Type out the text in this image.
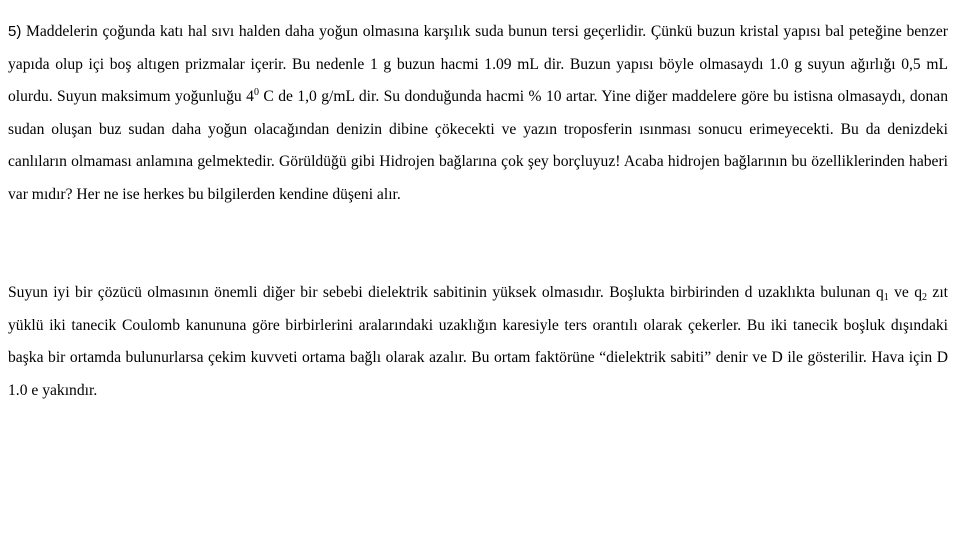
5) Maddelerin çoğunda katı hal sıvı halden daha yoğun olmasına karşılık suda bunun tersi geçerlidir. Çünkü buzun kristal yapısı bal peteğine benzer yapıda olup içi boş altıgen prizmalar içerir. Bu nedenle 1 g buzun hacmi 1.09 mL dir. Buzun yapısı böyle olmasaydı 1.0 g suyun ağırlığı 0,5 mL olurdu. Suyun maksimum yoğunluğu $4^0$ C de 1,0 g/mL dir. Su donduğunda hacmi % 10 artar. Yine diğer maddelere göre bu istisna olmasaydı, donan sudan oluşan buz sudan daha yoğun olacağından denizin dibine çökecekti ve yazın troposferin ısınması sonucu erimeyecekti. Bu da denizdeki canlıların olmaması anlamına gelmektedir. Görüldüğü gibi Hidrojen bağlarına çok şey borçluyuz! Acaba hidrojen bağlarının bu özelliklerinden haberi var mıdır? Her ne ise herkes bu bilgilerden kendine düşeni alır.

Suyun iyi bir çözücü olmasının önemli diğer bir sebebi dielektrik sabitinin yüksek olmasıdır. Boşlukta birbirinden d uzaklıkta bulunan $q_1$ ve $q_2$ zıt yüklü iki tanecik Coulomb kanununa göre birbirlerini aralarındaki uzaklığın karesiyle ters orantılı olarak çekerler. Bu iki tanecik boşluk dışındaki başka bir ortamda bulunurlarsa çekim kuvveti ortama bağlı olarak azalır. Bu ortam faktörüne “dielektrik sabiti” denir ve D ile gösterilir. Hava için D 1.0 e yakındır.
